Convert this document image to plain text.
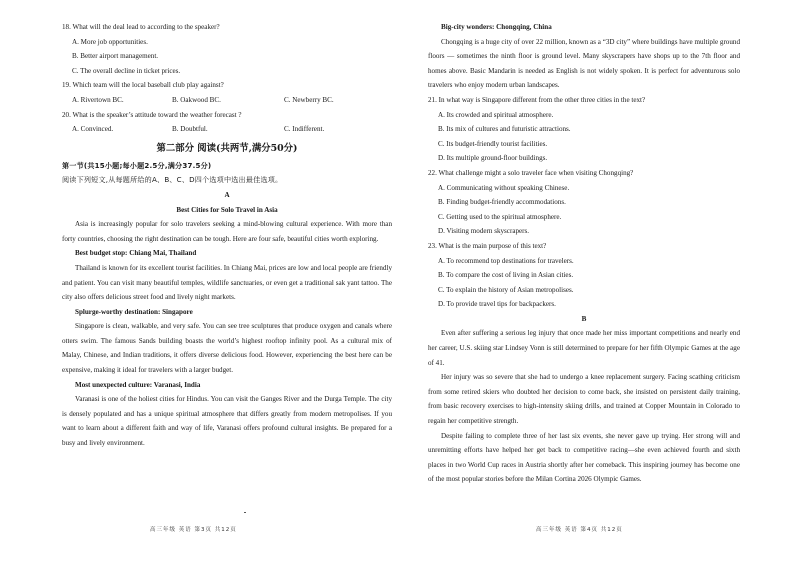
18. What will the deal lead to according to the speaker?

A. More job opportunities.

B. Better airport management.

C. The overall decline in ticket prices.

19. Which team will the local baseball club play against?

A. Rivertown BC.	B. Oakwood BC.	C. Newberry BC.

20. What is the speaker’s attitude toward the weather forecast ?

A. Convinced.	B. Doubtful.	C. Indifferent.

第二部分 阅读(共两节,满分50分)

第一节(共15小题;每小题2.5分,满分37.5分)

阅读下列短文,从每题所给的A、B、C、D四个选项中选出最佳选项。

A

Best Cities for Solo Travel in Asia

Asia is increasingly popular for solo travelers seeking a mind-blowing cultural experience. With more than forty countries, choosing the right destination can be tough. Here are four safe, beautiful cities worth exploring.

Best budget stop: Chiang Mai, Thailand

Thailand is known for its excellent tourist facilities. In Chiang Mai, prices are low and local people are friendly and patient. You can visit many beautiful temples, wildlife sanctuaries, or even get a traditional sak yant tattoo. The city also offers delicious street food and lively night markets.

Splurge-worthy destination: Singapore

Singapore is clean, walkable, and very safe. You can see tree sculptures that produce oxygen and canals where otters swim. The famous Sands building boasts the world’s highest rooftop infinity pool. As a cultural mix of Malay, Chinese, and Indian traditions, it offers diverse delicious food. However, experiencing the best here can be expensive, making it ideal for travelers with a larger budget.

Most unexpected culture: Varanasi, India

Varanasi is one of the holiest cities for Hindus. You can visit the Ganges River and the Durga Temple. The city is densely populated and has a unique spiritual atmosphere that differs greatly from modern metropolises. If you want to learn about a different faith and way of life, Varanasi offers profound cultural insights. Be prepared for a busy and lively environment.

Big-city wonders: Chongqing, China

Chongqing is a huge city of over 22 million, known as a “3D city” where buildings have multiple ground floors — sometimes the ninth floor is ground level. Many skyscrapers have shops up to the 7th floor and homes above. Basic Mandarin is needed as English is not widely spoken. It is perfect for adventurous solo travelers who enjoy modern urban landscapes.

21. In what way is Singapore different from the other three cities in the text?

A. Its crowded and spiritual atmosphere.

B. Its mix of cultures and futuristic attractions.

C. Its budget-friendly tourist facilities.

D. Its multiple ground-floor buildings.

22. What challenge might a solo traveler face when visiting Chongqing?

A. Communicating without speaking Chinese.

B. Finding budget-friendly accommodations.

C. Getting used to the spiritual atmosphere.

D. Visiting modern skyscrapers.

23. What is the main purpose of this text?

A. To recommend top destinations for travelers.

B. To compare the cost of living in Asian cities.

C. To explain the history of Asian metropolises.

D. To provide travel tips for backpackers.

B

Even after suffering a serious leg injury that once made her miss important competitions and nearly end her career, U.S. skiing star Lindsey Vonn is still determined to prepare for her fifth Olympic Games at the age of 41.

Her injury was so severe that she had to undergo a knee replacement surgery. Facing scathing criticism from some retired skiers who doubted her decision to come back, she insisted on persistent daily training, from basic recovery exercises to high-intensity skiing drills, and trained at Copper Mountain in Colorado to regain her competitive strength.

Despite failing to complete three of her last six events, she never gave up trying. Her strong will and unremitting efforts have helped her get back to competitive racing—she even achieved fourth and sixth places in two World Cup races in Austria shortly after her comeback. This inspiring journey has become one of the most popular stories before the Milan Cortina 2026 Olympic Games.

高三年级 英语 第3页 共12页	高三年级 英语 第4页 共12页
